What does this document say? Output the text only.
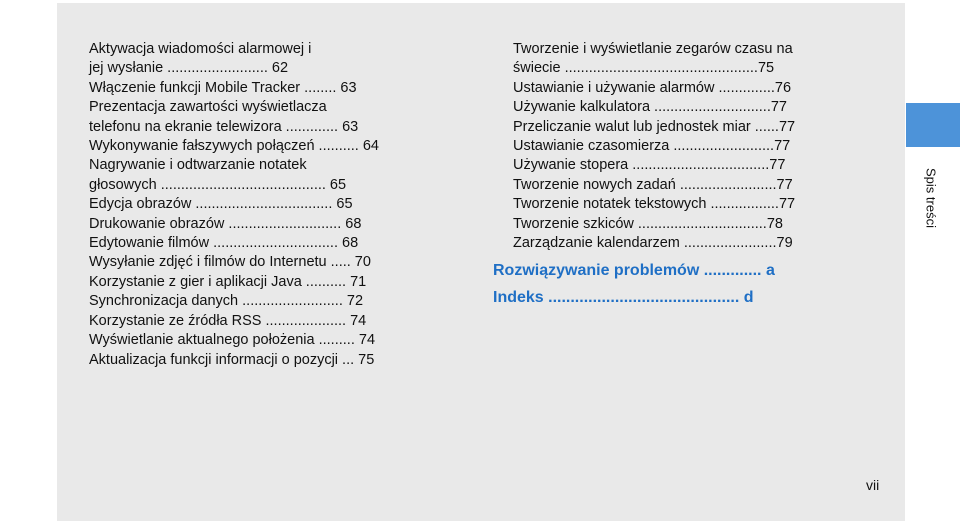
Aktywacja wiadomości alarmowej i
jej wysłanie ......................... 62
Włączenie funkcji Mobile Tracker ........ 63
Prezentacja zawartości wyświetlacza
telefonu na ekranie telewizora ............. 63
Wykonywanie fałszywych połączeń .......... 64
Nagrywanie i odtwarzanie notatek
głosowych ......................................... 65
Edycja obrazów .................................. 65
Drukowanie obrazów ............................ 68
Edytowanie filmów ............................... 68
Wysyłanie zdjęć i filmów do Internetu ..... 70
Korzystanie z gier i aplikacji Java .......... 71
Synchronizacja danych ......................... 72
Korzystanie ze źródła RSS .................... 74
Wyświetlanie aktualnego położenia ......... 74
Aktualizacja funkcji informacji o pozycji ... 75
Tworzenie i wyświetlanie zegarów czasu na
świecie ................................................75
Ustawianie i używanie alarmów ..............76
Używanie kalkulatora .............................77
Przeliczanie walut lub jednostek miar ......77
Ustawianie czasomierza .........................77
Używanie stopera ..................................77
Tworzenie nowych zadań ........................77
Tworzenie notatek tekstowych .................77
Tworzenie szkiców ................................78
Zarządzanie kalendarzem .......................79
Rozwiązywanie problemów ............. a
Indeks ........................................... d
Spis treści
vii
